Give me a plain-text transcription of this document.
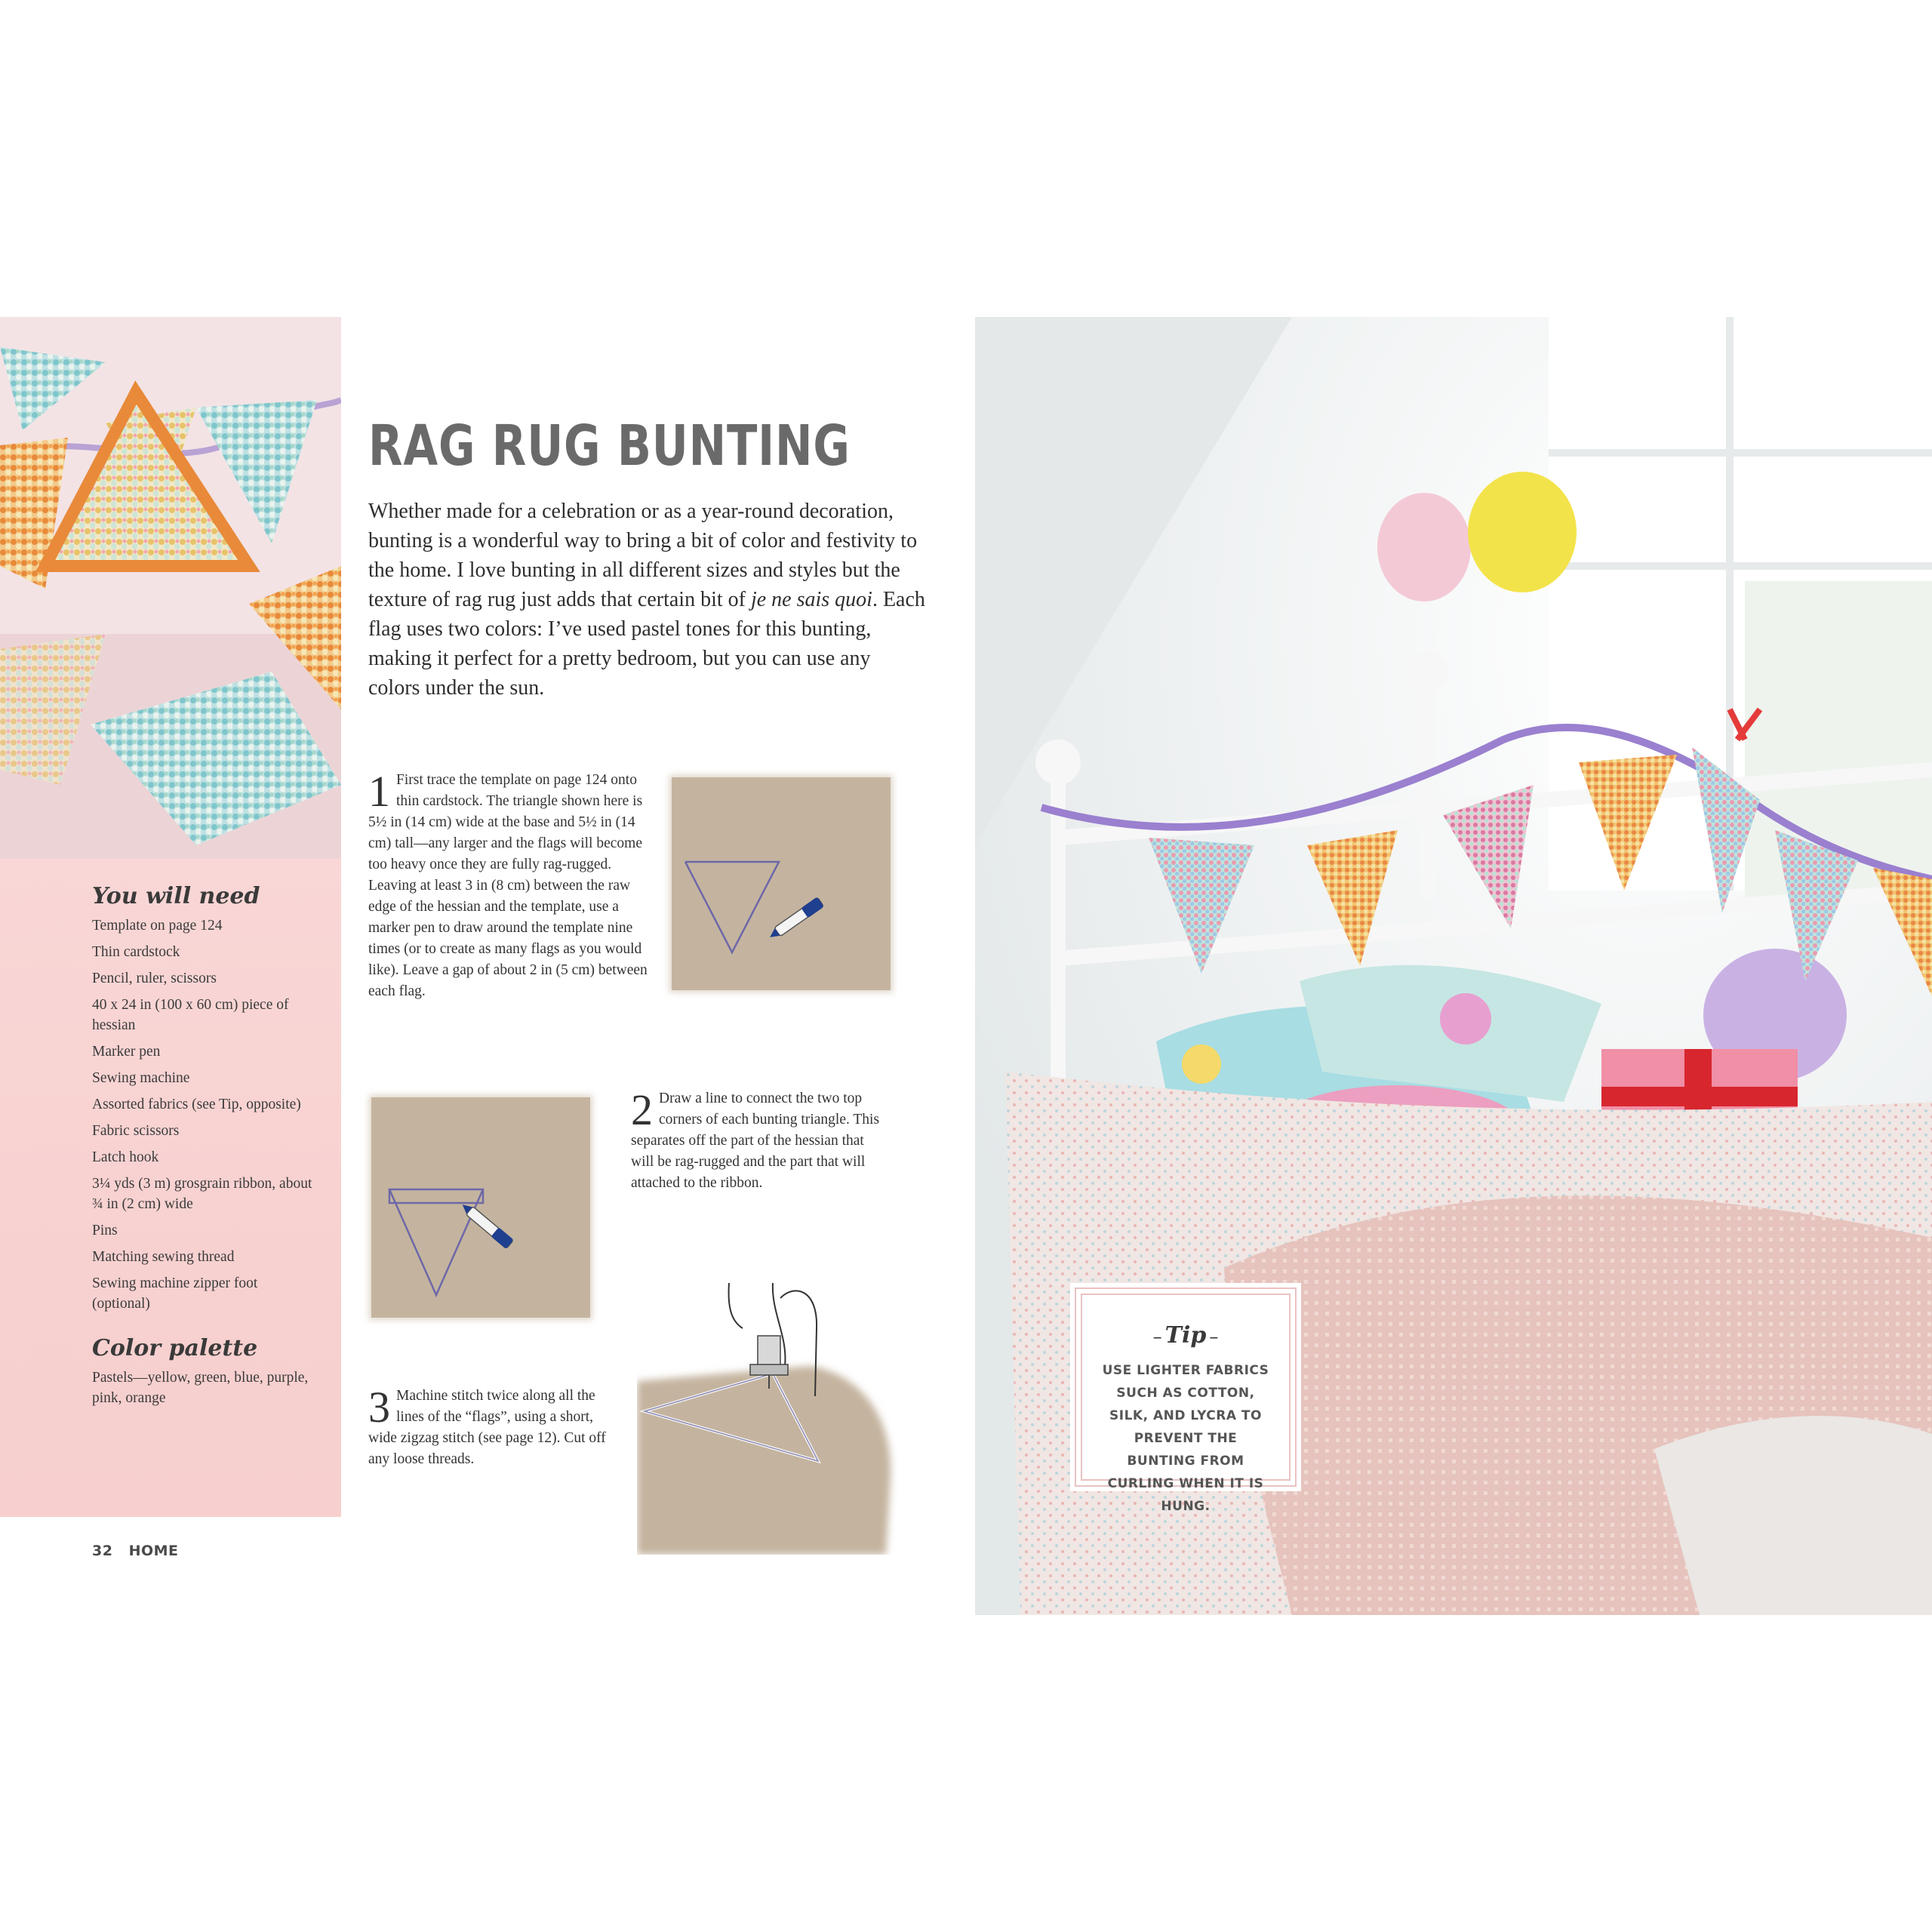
You will need
Template on page 124
Thin cardstock
Pencil, ruler, scissors
40 x 24 in (100 x 60 cm) piece of hessian
Marker pen
Sewing machine
Assorted fabrics (see Tip, opposite)
Fabric scissors
Latch hook
3¼ yds (3 m) grosgrain ribbon, about ¾ in (2 cm) wide
Pins
Matching sewing thread
Sewing machine zipper foot (optional)
Color palette

Pastels—yellow, green, blue, purple, pink, orange

RAG RUG BUNTING

Whether made for a celebration or as a year-round decoration, bunting is a wonderful way to bring a bit of color and festivity to the home. I love bunting in all different sizes and styles but the texture of rag rug just adds that certain bit of je ne sais quoi. Each flag uses two colors: I’ve used pastel tones for this bunting, making it perfect for a pretty bedroom, but you can use any colors under the sun.

1 First trace the template on page 124 onto thin cardstock. The triangle shown here is 5½ in (14 cm) wide at the base and 5½ in (14 cm) tall—any larger and the flags will become too heavy once they are fully rag-rugged. Leaving at least 3 in (8 cm) between the raw edge of the hessian and the template, use a marker pen to draw around the template nine times (or to create as many flags as you would like). Leave a gap of about 2 in (5 cm) between each flag.

2 Draw a line to connect the two top corners of each bunting triangle. This separates off the part of the hessian that will be rag-rugged and the part that will attached to the ribbon.

3 Machine stitch twice along all the lines of the “flags”, using a short, wide zigzag stitch (see page 12). Cut off any loose threads.

– Tip –

USE LIGHTER FABRICS SUCH AS COTTON, SILK, AND LYCRA TO PREVENT THE BUNTING FROM CURLING WHEN IT IS HUNG.

32 HOME
